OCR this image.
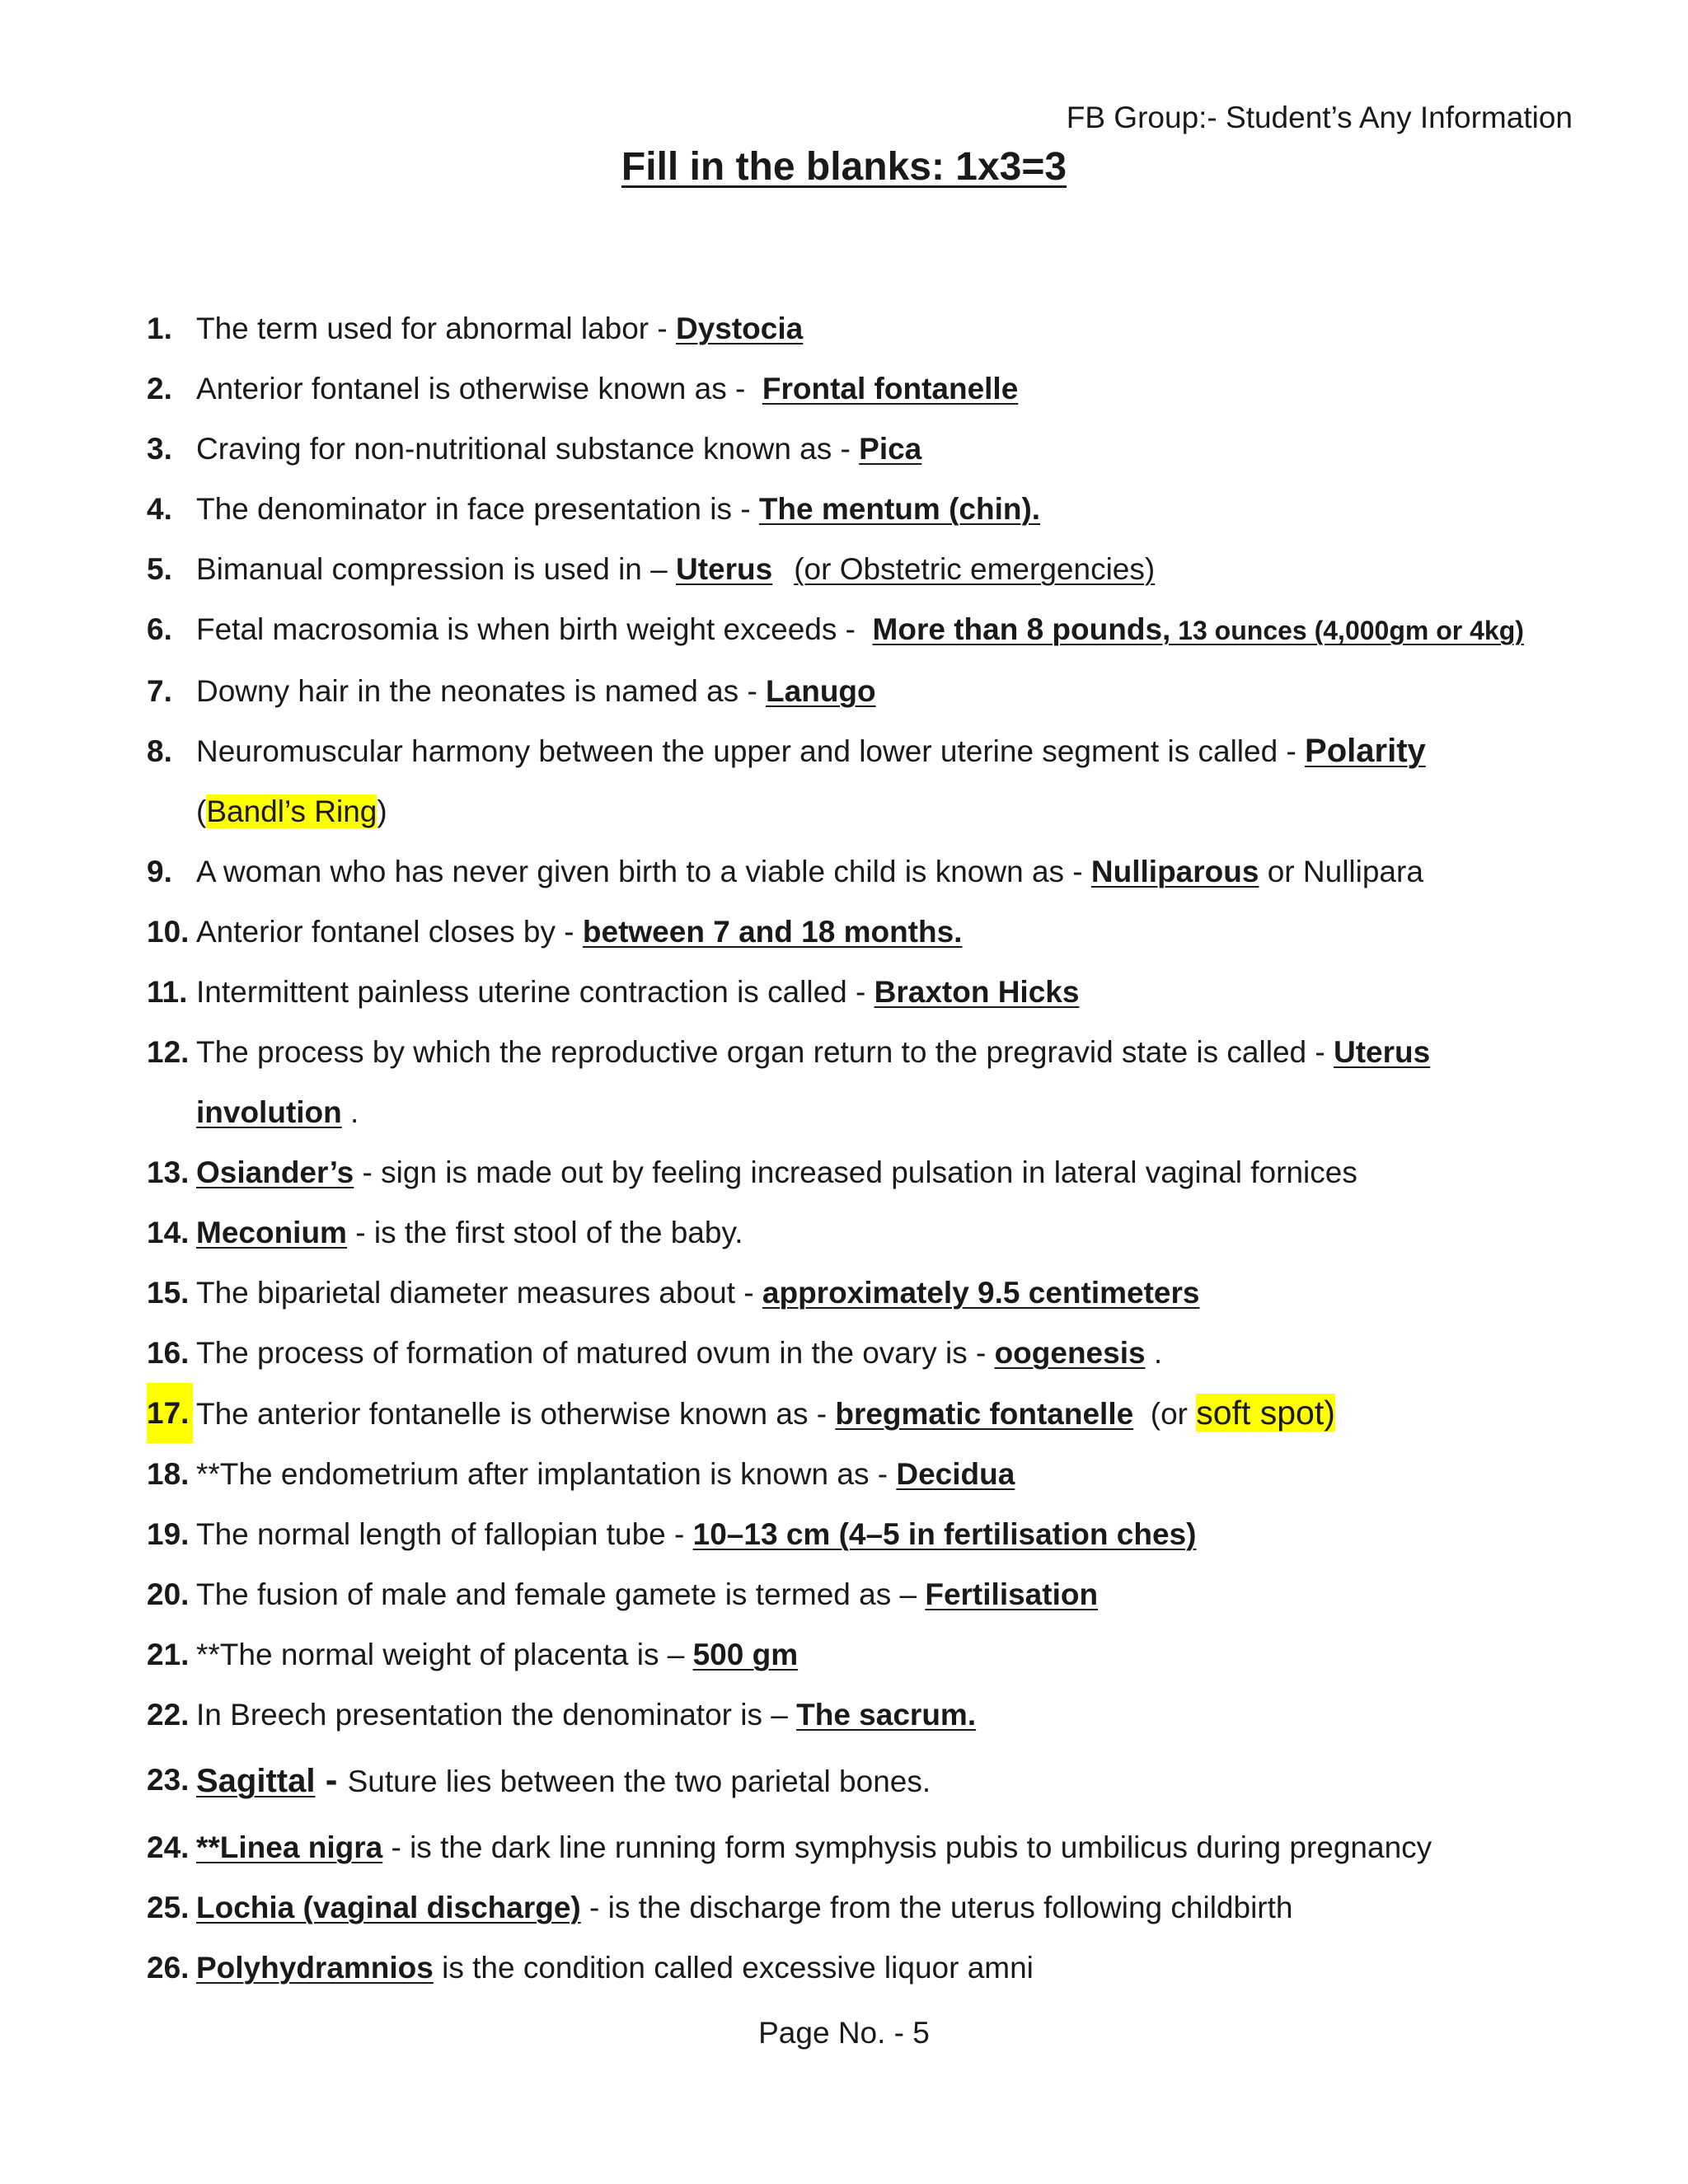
FB Group:- Student’s Any Information
Fill in the blanks: 1x3=3
1. The term used for abnormal labor - Dystocia
2. Anterior fontanel is otherwise known as -  Frontal fontanelle
3. Craving for non-nutritional substance known as - Pica
4. The denominator in face presentation is - The mentum (chin).
5. Bimanual compression is used in – Uterus (or Obstetric emergencies)
6. Fetal macrosomia is when birth weight exceeds -  More than 8 pounds, 13 ounces (4,000gm or 4kg)
7. Downy hair in the neonates is named as - Lanugo
8. Neuromuscular harmony between the upper and lower uterine segment is called - Polarity
(Bandl’s Ring)
9. A woman who has never given birth to a viable child is known as - Nulliparous or Nullipara
10. Anterior fontanel closes by - between 7 and 18 months.
11. Intermittent painless uterine contraction is called - Braxton Hicks
12. The process by which the reproductive organ return to the pregravid state is called - Uterus
involution .
13. Osiander’s - sign is made out by feeling increased pulsation in lateral vaginal fornices
14. Meconium - is the first stool of the baby.
15. The biparietal diameter measures about - approximately 9.5 centimeters
16. The process of formation of matured ovum in the ovary is - oogenesis .
17. The anterior fontanelle is otherwise known as - bregmatic fontanelle  (or soft spot)
18. **The endometrium after implantation is known as - Decidua
19. The normal length of fallopian tube - 10–13 cm (4–5 in fertilisation ches)
20. The fusion of male and female gamete is termed as – Fertilisation
21. **The normal weight of placenta is – 500 gm
22. In Breech presentation the denominator is – The sacrum.
23. Sagittal - Suture lies between the two parietal bones.
24. **Linea nigra - is the dark line running form symphysis pubis to umbilicus during pregnancy
25. Lochia (vaginal discharge) - is the discharge from the uterus following childbirth
26. Polyhydramnios is the condition called excessive liquor amni
Page No. - 5
